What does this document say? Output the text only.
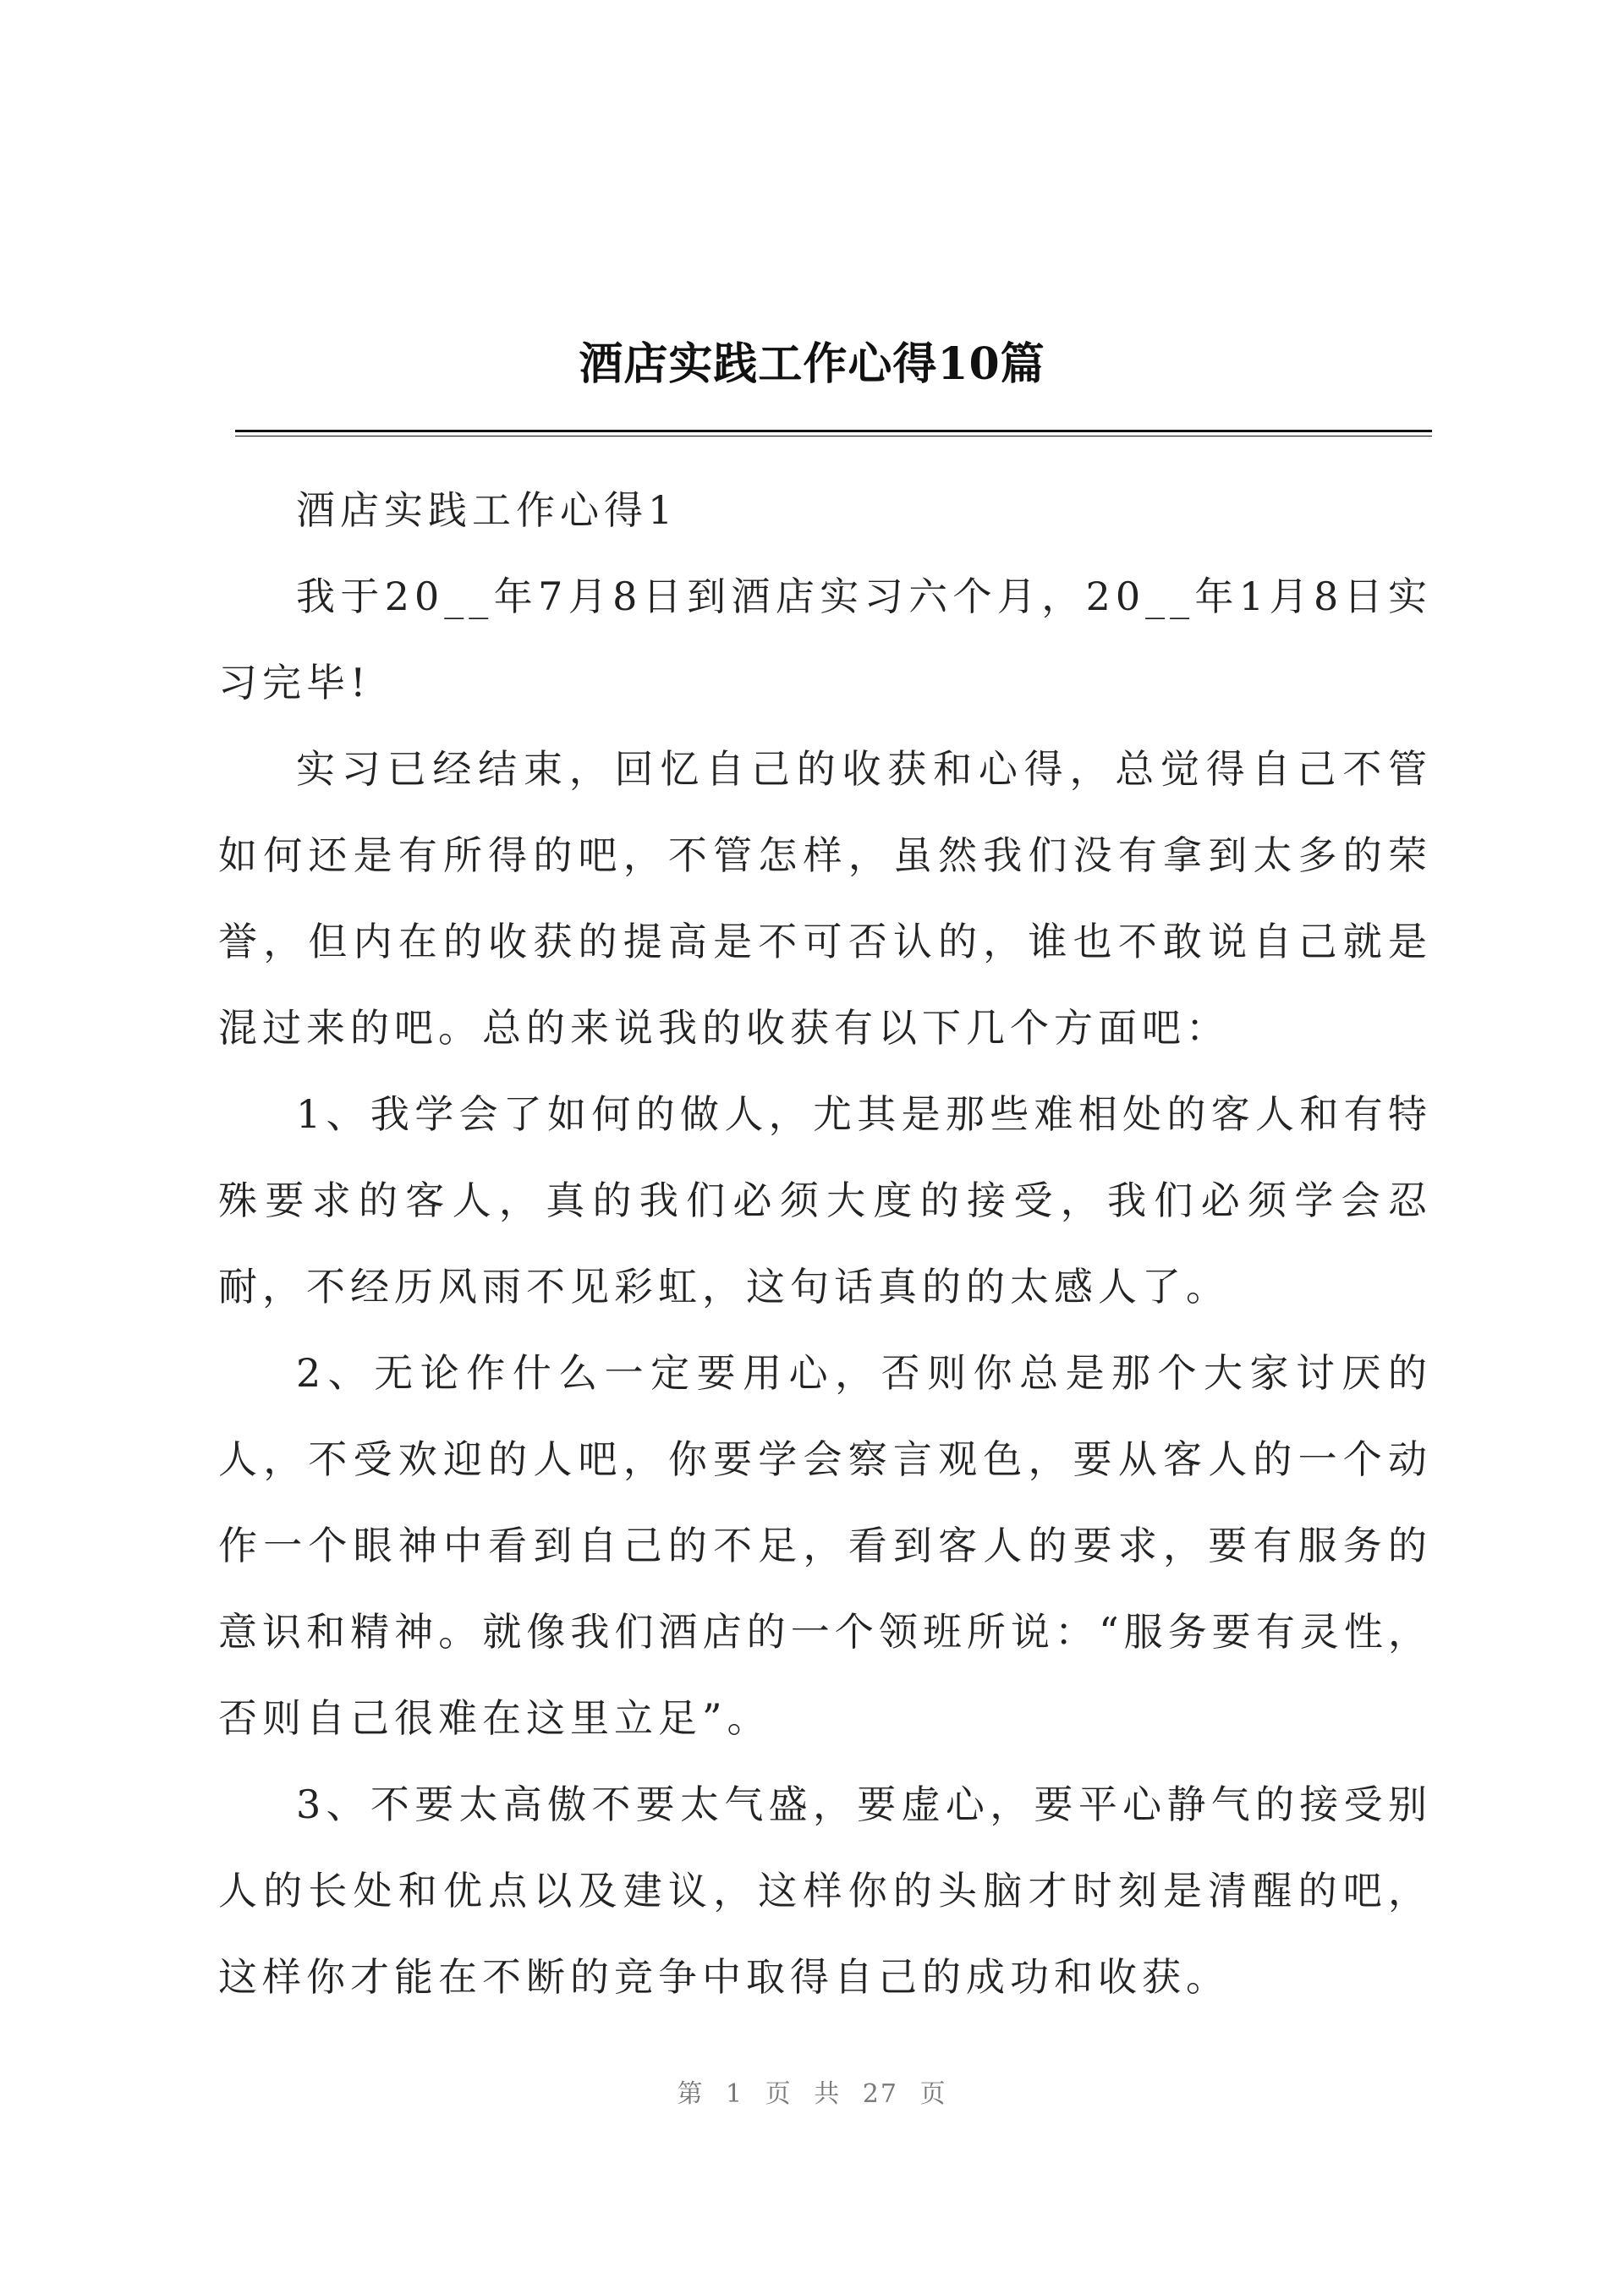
酒店实践工作心得10篇

酒店实践工作心得1

我于20__年7月8日到酒店实习六个月，20__年1月8日实习完毕!

实习已经结束，回忆自己的收获和心得，总觉得自己不管如何还是有所得的吧，不管怎样，虽然我们没有拿到太多的荣誉，但内在的收获的提高是不可否认的，谁也不敢说自己就是混过来的吧。总的来说我的收获有以下几个方面吧：

1、我学会了如何的做人，尤其是那些难相处的客人和有特殊要求的客人，真的我们必须大度的接受，我们必须学会忍耐，不经历风雨不见彩虹，这句话真的的太感人了。

2、无论作什么一定要用心，否则你总是那个大家讨厌的人，不受欢迎的人吧，你要学会察言观色，要从客人的一个动作一个眼神中看到自己的不足，看到客人的要求，要有服务的意识和精神。就像我们酒店的一个领班所说：“服务要有灵性，否则自己很难在这里立足”。

3、不要太高傲不要太气盛，要虚心，要平心静气的接受别人的长处和优点以及建议，这样你的头脑才时刻是清醒的吧，这样你才能在不断的竞争中取得自己的成功和收获。

第 1 页 共 27 页
